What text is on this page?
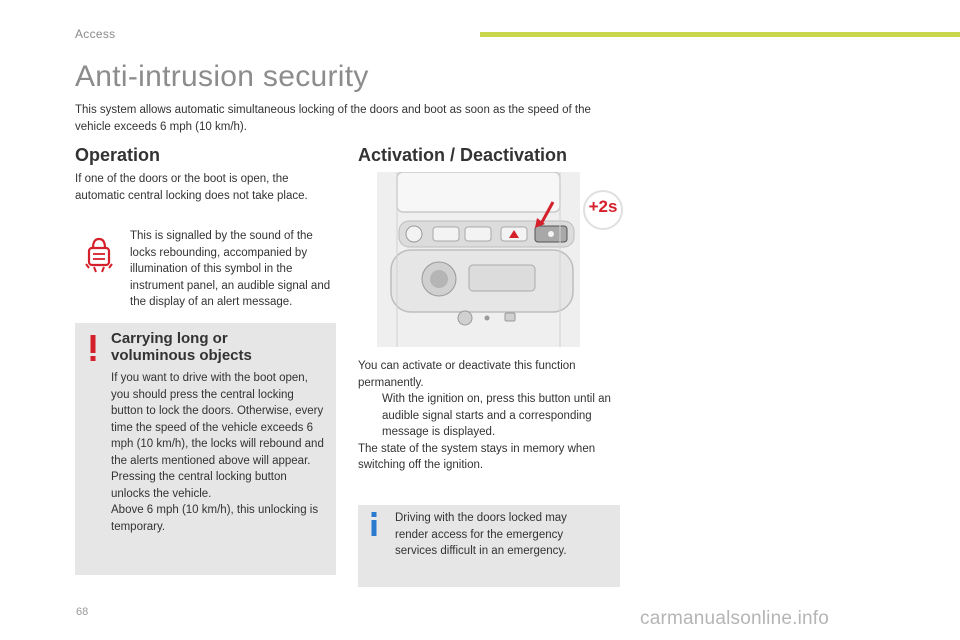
Access
Anti-intrusion security
This system allows automatic simultaneous locking of the doors and boot as soon as the speed of the vehicle exceeds 6 mph (10 km/h).
Operation
If one of the doors or the boot is open, the automatic central locking does not take place.
This is signalled by the sound of the locks rebounding, accompanied by illumination of this symbol in the instrument panel, an audible signal and the display of an alert message.
Carrying long or voluminous objects
If you want to drive with the boot open, you should press the central locking button to lock the doors. Otherwise, every time the speed of the vehicle exceeds 6 mph (10 km/h), the locks will rebound and the alerts mentioned above will appear.
Pressing the central locking button unlocks the vehicle.
Above 6 mph (10 km/h), this unlocking is temporary.
Activation / Deactivation
+2s
You can activate or deactivate this function permanently.
With the ignition on, press this button until an audible signal starts and a corresponding message is displayed.
The state of the system stays in memory when switching off the ignition.
Driving with the doors locked may render access for the emergency services difficult in an emergency.
68	carmanualsonline.info
